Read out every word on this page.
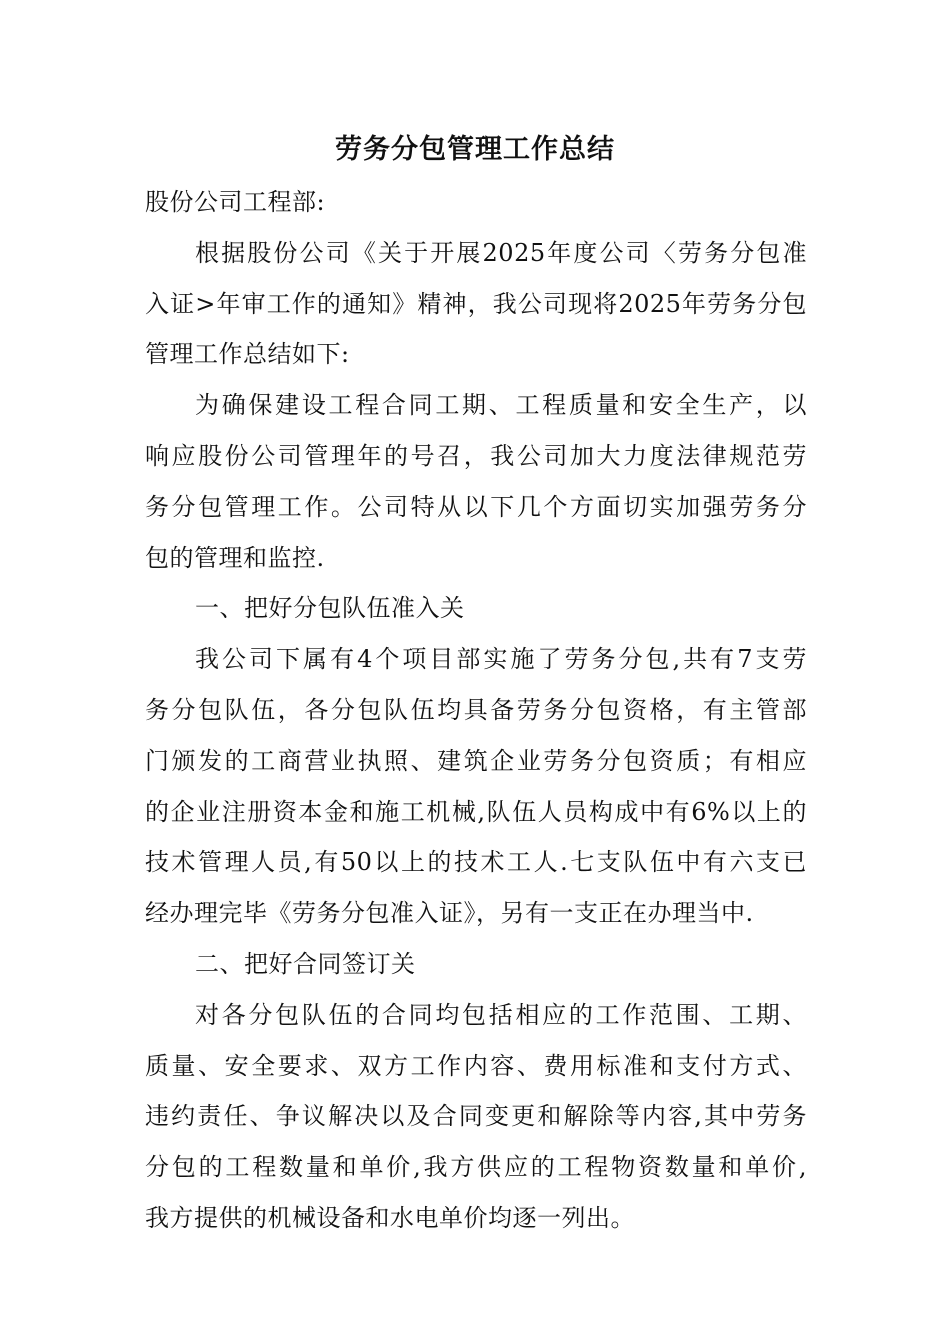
劳务分包管理工作总结
股份公司工程部:
根据股份公司《关于开展2025年度公司〈劳务分包准
入证>年审工作的通知》精神，我公司现将2025年劳务分包
管理工作总结如下:
为确保建设工程合同工期、工程质量和安全生产，以
响应股份公司管理年的号召，我公司加大力度法律规范劳
务分包管理工作。公司特从以下几个方面切实加强劳务分
包的管理和监控.
一、把好分包队伍准入关
我公司下属有4个项目部实施了劳务分包,共有7支劳
务分包队伍，各分包队伍均具备劳务分包资格，有主管部
门颁发的工商营业执照、建筑企业劳务分包资质；有相应
的企业注册资本金和施工机械,队伍人员构成中有6%以上的
技术管理人员,有50以上的技术工人.七支队伍中有六支已
经办理完毕《劳务分包准入证》，另有一支正在办理当中.
二、把好合同签订关
对各分包队伍的合同均包括相应的工作范围、工期、
质量、安全要求、双方工作内容、费用标准和支付方式、
违约责任、争议解决以及合同变更和解除等内容,其中劳务
分包的工程数量和单价,我方供应的工程物资数量和单价,
我方提供的机械设备和水电单价均逐一列出。
